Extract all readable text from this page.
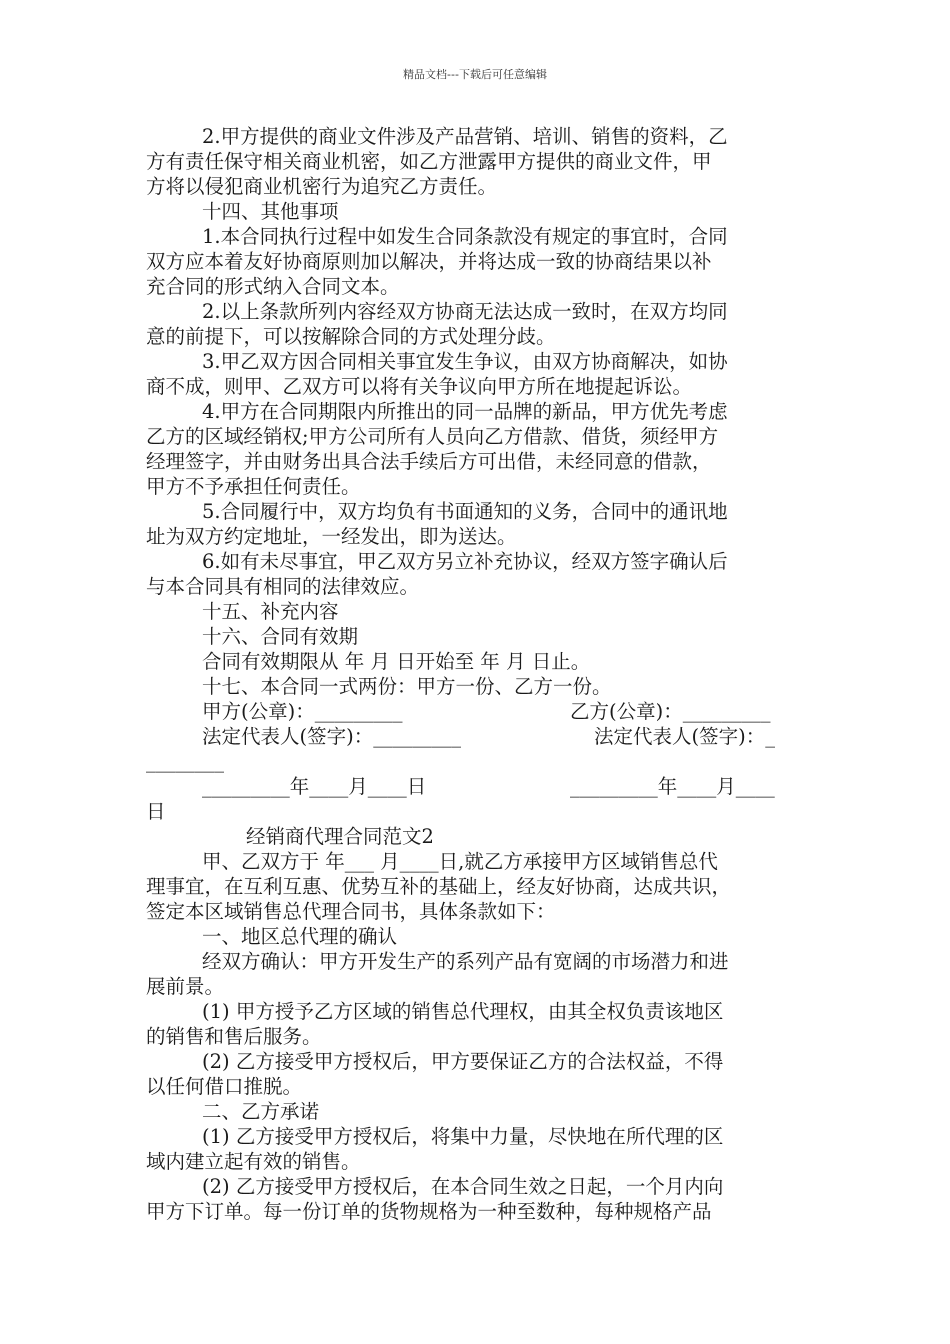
精品文档---下载后可任意编辑
2.甲方提供的商业文件涉及产品营销、培训、销售的资料，乙
方有责任保守相关商业机密，如乙方泄露甲方提供的商业文件，甲
方将以侵犯商业机密行为追究乙方责任。
十四、其他事项
1.本合同执行过程中如发生合同条款没有规定的事宜时，合同
双方应本着友好协商原则加以解决，并将达成一致的协商结果以补
充合同的形式纳入合同文本。
2.以上条款所列内容经双方协商无法达成一致时，在双方均同
意的前提下，可以按解除合同的方式处理分歧。
3.甲乙双方因合同相关事宜发生争议，由双方协商解决，如协
商不成，则甲、乙双方可以将有关争议向甲方所在地提起诉讼。
4.甲方在合同期限内所推出的同一品牌的新品，甲方优先考虑
乙方的区域经销权;甲方公司所有人员向乙方借款、借货，须经甲方
经理签字，并由财务出具合法手续后方可出借，未经同意的借款，
甲方不予承担任何责任。
5.合同履行中，双方均负有书面通知的义务，合同中的通讯地
址为双方约定地址，一经发出，即为送达。
6.如有未尽事宜，甲乙双方另立补充协议，经双方签字确认后
与本合同具有相同的法律效应。
十五、补充内容
十六、合同有效期
合同有效期限从 年 月 日开始至 年 月 日止。
十七、本合同一式两份：甲方一份、乙方一份。
甲方(公章)：_________	乙方(公章)：_________
法定代表人(签字)：_________	法定代表人(签字)：_
________
_________年____月____日	_________年____月____
日
经销商代理合同范文2
甲、乙双方于 年___ 月____日,就乙方承接甲方区域销售总代
理事宜，在互利互惠、优势互补的基础上，经友好协商，达成共识，
签定本区域销售总代理合同书，具体条款如下：
一、地区总代理的确认
经双方确认：甲方开发生产的系列产品有宽阔的市场潜力和进
展前景。
(1) 甲方授予乙方区域的销售总代理权，由其全权负责该地区
的销售和售后服务。
(2) 乙方接受甲方授权后，甲方要保证乙方的合法权益，不得
以任何借口推脱。
二、乙方承诺
(1) 乙方接受甲方授权后，将集中力量，尽快地在所代理的区
域内建立起有效的销售。
(2) 乙方接受甲方授权后，在本合同生效之日起，一个月内向
甲方下订单。每一份订单的货物规格为一种至数种，每种规格产品
